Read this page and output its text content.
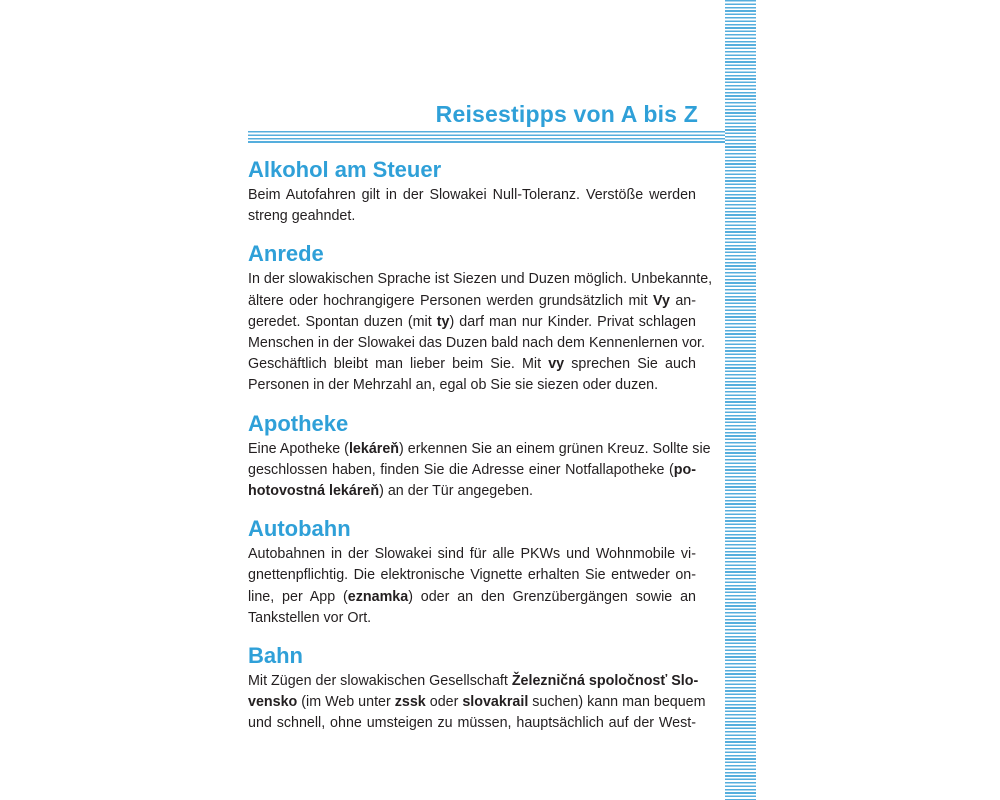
Reisestipps von A bis Z
Alkohol am Steuer

Beim Autofahren gilt in der Slowakei Null-Toleranz. Verstöße werden
streng geahndet.

Anrede

In der slowakischen Sprache ist Siezen und Duzen möglich. Unbekannte,
ältere oder hochrangigere Personen werden grundsätzlich mit Vy an-
geredet. Spontan duzen (mit ty) darf man nur Kinder. Privat schlagen
Menschen in der Slowakei das Duzen bald nach dem Kennenlernen vor.
Geschäftlich bleibt man lieber beim Sie. Mit vy sprechen Sie auch
Personen in der Mehrzahl an, egal ob Sie sie siezen oder duzen.

Apotheke

Eine Apotheke (lekáreň) erkennen Sie an einem grünen Kreuz. Sollte sie
geschlossen haben, finden Sie die Adresse einer Notfallapotheke (po-
hotovostná lekáreň) an der Tür angegeben.

Autobahn

Autobahnen in der Slowakei sind für alle PKWs und Wohnmobile vi-
gnettenpflichtig. Die elektronische Vignette erhalten Sie entweder on-
line, per App (eznamka) oder an den Grenzübergängen sowie an
Tankstellen vor Ort.

Bahn

Mit Zügen der slowakischen Gesellschaft Železničná spoločnosť Slo-
vensko (im Web unter zssk oder slovakrail suchen) kann man bequem
und schnell, ohne umsteigen zu müssen, hauptsächlich auf der West-
